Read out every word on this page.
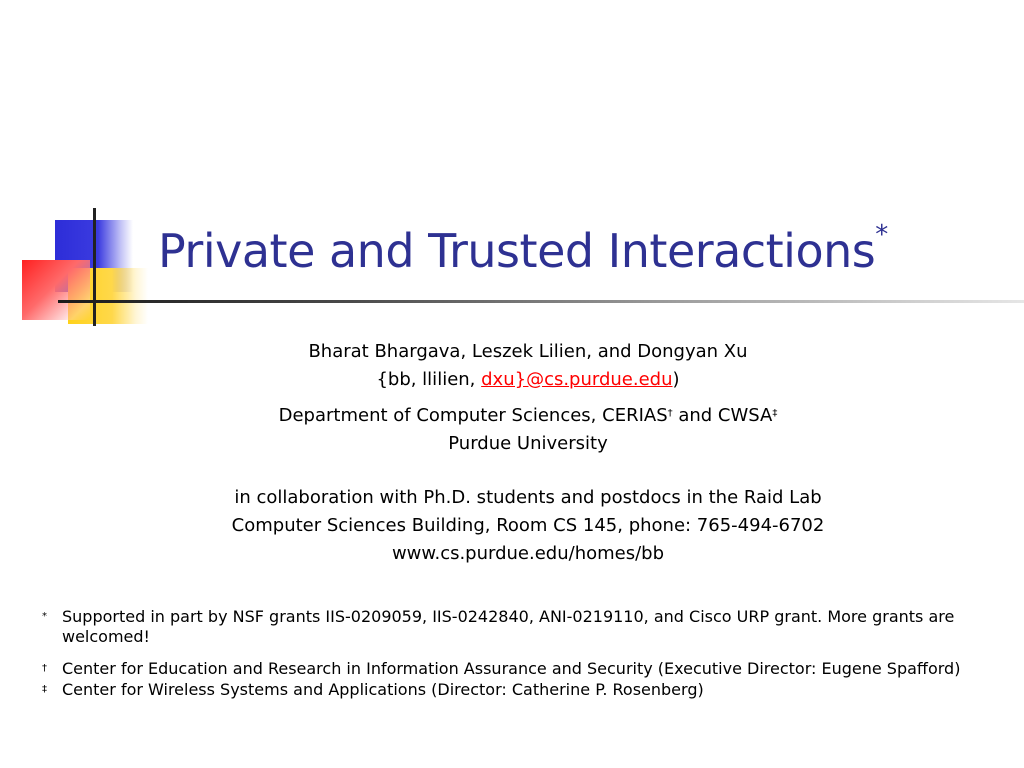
Private and Trusted Interactions*
Bharat Bhargava, Leszek Lilien, and Dongyan Xu
{bb, llilien, dxu}@cs.purdue.edu)
Department of Computer Sciences, CERIAS† and CWSA‡
Purdue University
in collaboration with Ph.D. students and postdocs in the Raid Lab
Computer Sciences Building, Room CS 145, phone: 765-494-6702
www.cs.purdue.edu/homes/bb
* Supported in part by NSF grants IIS-0209059, IIS-0242840, ANI-0219110, and Cisco URP grant. More grants are welcomed!
† Center for Education and Research in Information Assurance and Security (Executive Director: Eugene Spafford)
‡ Center for Wireless Systems and Applications (Director: Catherine P. Rosenberg)
